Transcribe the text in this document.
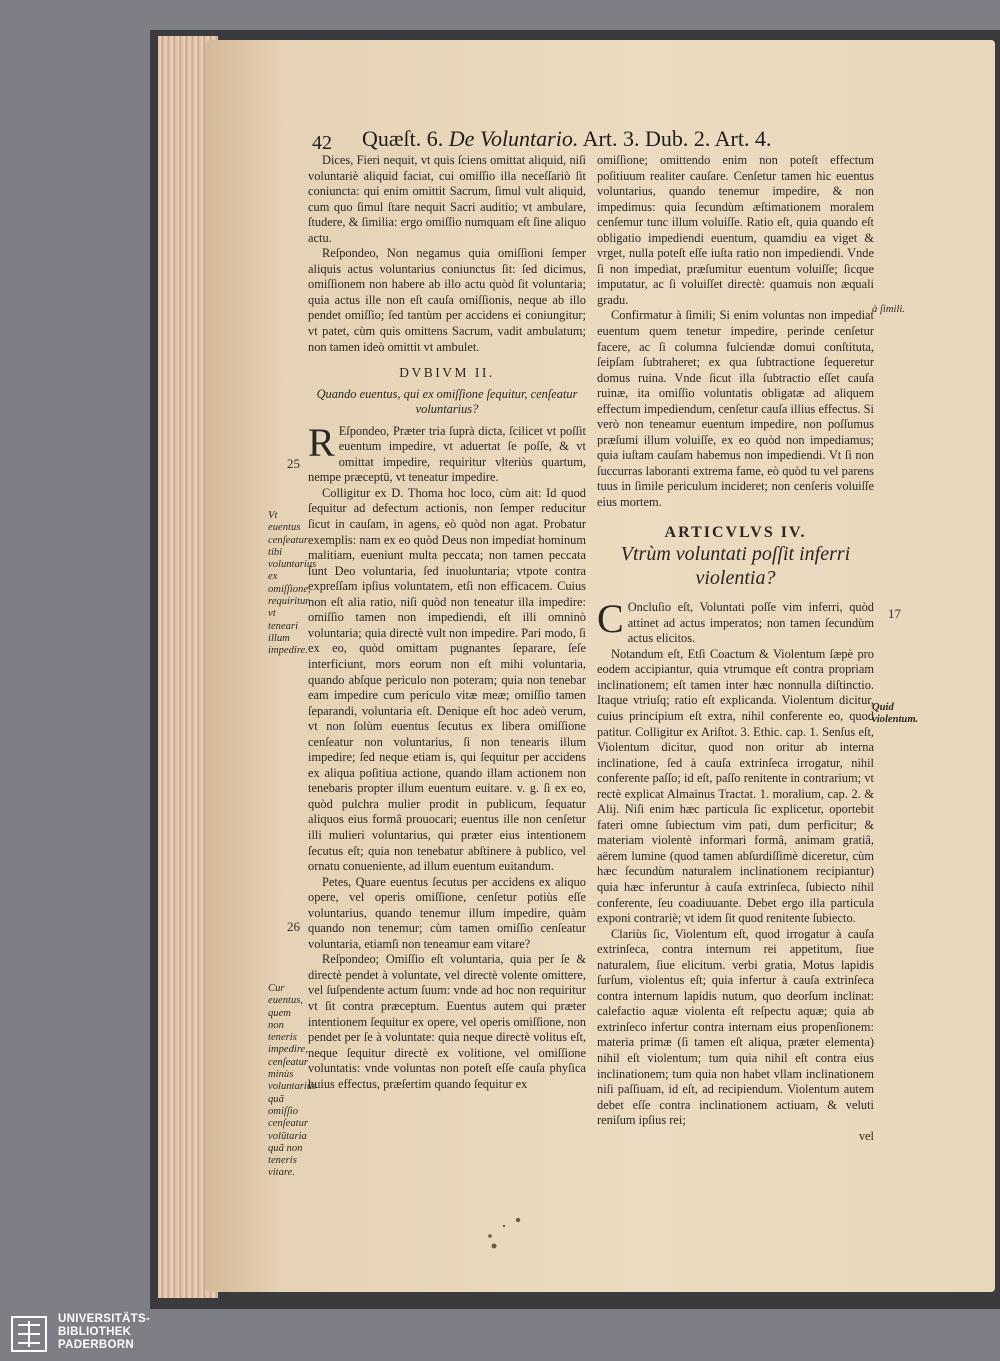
42 Quæſt. 6. De Voluntario. Art. 3. Dub. 2. Art. 4.

Dices, Fieri nequit, vt quis ſciens omittat aliquid, niſi voluntariè aliquid faciat, cui omiſſio illa neceſſariò ſit coniuncta: qui enim omittit Sacrum, ſimul vult aliquid, cum quo ſimul ſtare nequit Sacri auditio; vt ambulare, ſtudere, & ſimilia: ergo omiſſio numquam eſt ſine aliquo actu.

Reſpondeo, Non negamus quia omiſſioni ſemper aliquis actus voluntarius coniunctus ſit: ſed dicimus, omiſſionem non habere ab illo actu quòd ſit voluntaria; quia actus ille non eſt cauſa omiſſionis, neque ab illo pendet omiſſio; ſed tantùm per accidens ei coniungitur; vt patet, cùm quis omittens Sacrum, vadit ambulatum; non tamen ideò omittit vt ambulet.

DVBIVM II.

Quando euentus, qui ex omiſſione ſequitur, cenſeatur voluntarius?

R Eſpondeo, Præter tria ſuprà dicta, ſcilicet vt poſſit euentum impedire, vt aduertat ſe poſſe, & vt omittat impedire, requiritur vlteriùs quartum, nempe præceptū, vt teneatur impedire.

Colligitur ex D. Thoma hoc loco, cùm ait: Id quod ſequitur ad defectum actionis, non ſemper reducitur ſicut in cauſam, in agens, eò quòd non agat. Probatur exemplis: nam ex eo quòd Deus non impediat hominum malitiam, eueniunt multa peccata; non tamen peccata ſunt Deo voluntaria, ſed inuoluntaria; vtpote contra expreſſam ipſius voluntatem, etſi non efficacem. Cuius non eſt alia ratio, niſi quòd non teneatur illa impedire: omiſſio tamen non impediendi, eſt illi omninò voluntaria; quia directè vult non impedire. Pari modo, ſi ex eo, quòd omittam pugnantes ſeparare, ſeſe interficiunt, mors eorum non eſt mihi voluntaria, quando abſque periculo non poteram; quia non tenebar eam impedire cum periculo vitæ meæ; omiſſio tamen ſeparandi, voluntaria eſt. Denique eſt hoc adeò verum, vt non ſolùm euentus ſecutus ex libera omiſſione cenſeatur non voluntarius, ſi non tenearis illum impedire; ſed neque etiam is, qui ſequitur per accidens ex aliqua poſitiua actione, quando illam actionem non tenebaris propter illum euentum euitare. v. g. ſi ex eo, quòd pulchra mulier prodit in publicum, ſequatur aliquos eius formâ prouocari; euentus ille non cenſetur illi mulieri voluntarius, qui præter eius intentionem ſecutus eſt; quia non tenebatur abſtinere à publico, vel ornatu conueniente, ad illum euentum euitandum.

Petes, Quare euentus ſecutus per accidens ex aliquo opere, vel operis omiſſione, cenſetur potiùs eſſe voluntarius, quando tenemur illum impedire, quàm quando non tenemur; cùm tamen omiſſio cenſeatur voluntaria, etiamſi non teneamur eam vitare?

Reſpondeo; Omiſſio eſt voluntaria, quia per ſe & directè pendet à voluntate, vel directè volente omittere, vel ſuſpendente actum ſuum: vnde ad hoc non requiritur vt ſit contra præceptum. Euentus autem qui præter intentionem ſequitur ex opere, vel operis omiſſione, non pendet per ſe à voluntate: quia neque directè volitus eſt, neque ſequitur directè ex volitione, vel omiſſione voluntatis: vnde voluntas non poteſt eſſe cauſa phyſica huius effectus, præſertim quando ſequitur ex

omiſſione; omittendo enim non poteſt effectum poſitiuum realiter cauſare. Cenſetur tamen hic euentus voluntarius, quando tenemur impedire, & non impedimus: quia ſecundùm æſtimationem moralem cenſemur tunc illum voluiſſe. Ratio eſt, quia quando eſt obligatio impediendi euentum, quamdiu ea viget & vrget, nulla poteſt eſſe iuſta ratio non impediendi. Vnde ſi non impediat, præſumitur euentum voluiſſe; ſicque imputatur, ac ſi voluiſſet directè: quamuis non æquali gradu.

Confirmatur à ſimili; Si enim voluntas non impediat euentum quem tenetur impedire, perinde cenſetur facere, ac ſi columna fulciendæ domui conſtituta, ſeipſam ſubtraheret; ex qua ſubtractione ſequeretur domus ruina. Vnde ſicut illa ſubtractio eſſet cauſa ruinæ, ita omiſſio voluntatis obligatæ ad aliquem effectum impediendum, cenſetur cauſa illius effectus. Si verò non teneamur euentum impedire, non poſſumus præſumi illum voluiſſe, ex eo quòd non impediamus; quia iuſtam cauſam habemus non impediendi. Vt ſi non ſuccurras laboranti extrema fame, eò quòd tu vel parens tuus in ſimile periculum incideret; non cenſeris voluiſſe eius mortem.

ARTICVLVS IV.

Vtrùm voluntati poſſit inferri violentia?

C Oncluſio eſt, Voluntati poſſe vim inferri, quòd attinet ad actus imperatos; non tamen ſecundùm actus elicitos.

Notandum eſt, Etſi Coactum & Violentum ſæpè pro eodem accipiantur, quia vtrumque eſt contra propriam inclinationem; eſt tamen inter hæc nonnulla diſtinctio. Itaque vtriuſq; ratio eſt explicanda. Violentum dicitur, cuius principium eſt extra, nihil conferente eo, quod patitur. Colligitur ex Ariſtot. 3. Ethic. cap. 1. Senſus eſt, Violentum dicitur, quod non oritur ab interna inclinatione, ſed à cauſa extrinſeca irrogatur, nihil conferente paſſo; id eſt, paſſo renitente in contrarium; vt rectè explicat Almainus Tractat. 1. moralium, cap. 2. & Alij. Niſi enim hæc particula ſic explicetur, oportebit fateri omne ſubiectum vim pati, dum perficitur; & materiam violentè informari formâ, animam gratiâ, aërem lumine (quod tamen abſurdiſſimè diceretur, cùm hæc ſecundùm naturalem inclinationem recipiantur) quia hæc inferuntur à cauſa extrinſeca, ſubiecto nihil conferente, ſeu coadiuuante. Debet ergo illa particula exponi contrariè; vt idem ſit quod renitente ſubiecto.

Clariùs ſic, Violentum eſt, quod irrogatur à cauſa extrinſeca, contra internum rei appetitum, ſiue naturalem, ſiue elicitum. verbi gratia, Motus lapidis ſurſum, violentus eſt; quia infertur à cauſa extrinſeca contra internum lapidis nutum, quo deorſum inclinat: calefactio aquæ violenta eſt reſpectu aquæ; quia ab extrinſeco infertur contra internam eius propenſionem: materia primæ (ſi tamen eſt aliqua, præter elementa) nihil eſt violentum; tum quia nihil eſt contra eius inclinationem; tum quia non habet vllam inclinationem niſi paſſiuam, id eſt, ad recipiendum. Violentum autem debet eſſe contra inclinationem actiuam, & veluti reniſum ipſius rei;

vel

25
26
17
Vt euentus cenſeatur tibi voluntarius ex omiſſione, requiritur vt teneari illum impedire.
Cur euentus, quem non teneris impedire, cenſeatur minùs voluntarius quã omiſſio cenſeatur volũtaria quã non teneris vitare.
à ſimili.
Quid violentum.
UNIVERSITÄTS-
BIBLIOTHEK
PADERBORN
